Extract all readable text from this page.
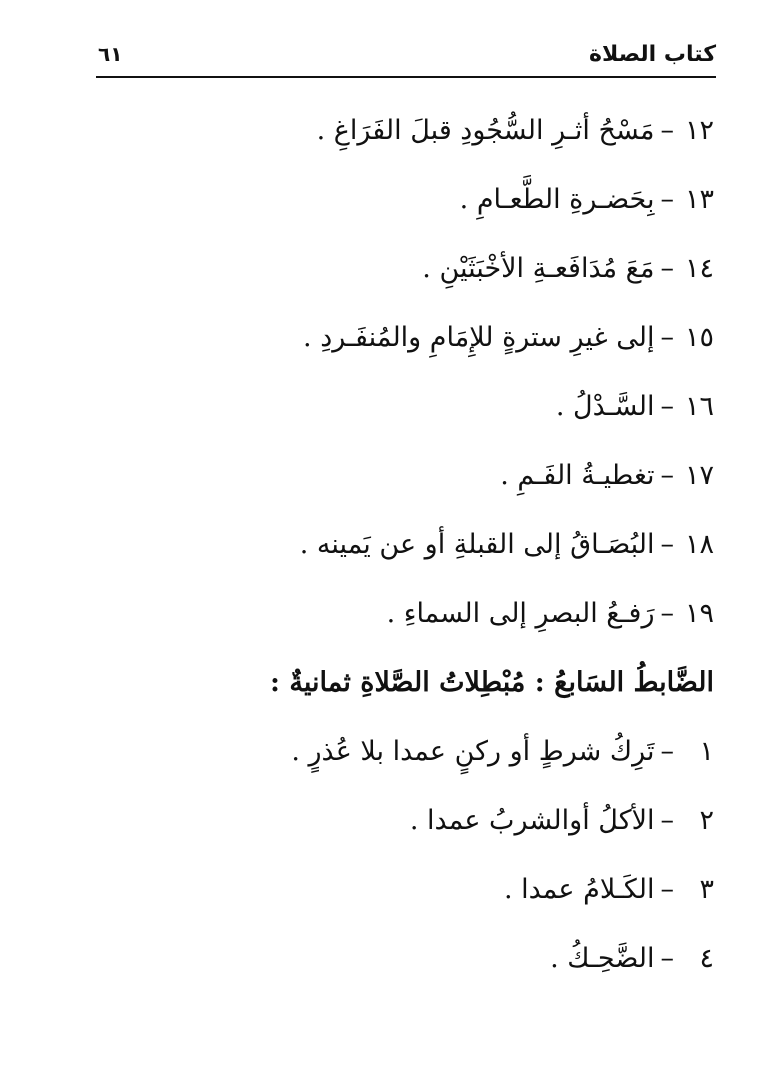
كتاب الصلاة
٦١
١٢–مَسْحُ أثـرِ السُّجُودِ قبلَ الفَرَاغِ .
١٣–بِحَضـرةِ الطَّعـامِ .
١٤–مَعَ مُدَافَعـةِ الأخْبَثَيْنِ .
١٥–إلى غيرِ سترةٍ للإِمَامِ والمُنفَـردِ .
١٦–السَّـدْلُ .
١٧–تغطيـةُ الفَـمِ .
١٨–البُصَـاقُ إلى القبلةِ أو عن يَمينه .
١٩–رَفـعُ البصرِ إلى السماءِ .
الضَّابطُ السَابعُ : مُبْطِلاتُ الصَّلاةِ ثمانيةٌ :
١–تَرِكُ شرطٍ أو ركنٍ عمدا بلا عُذرٍ .
٢–الأكلُ أوالشربُ عمدا .
٣–الكَـلامُ عمدا .
٤–الضَّحِـكُ .
